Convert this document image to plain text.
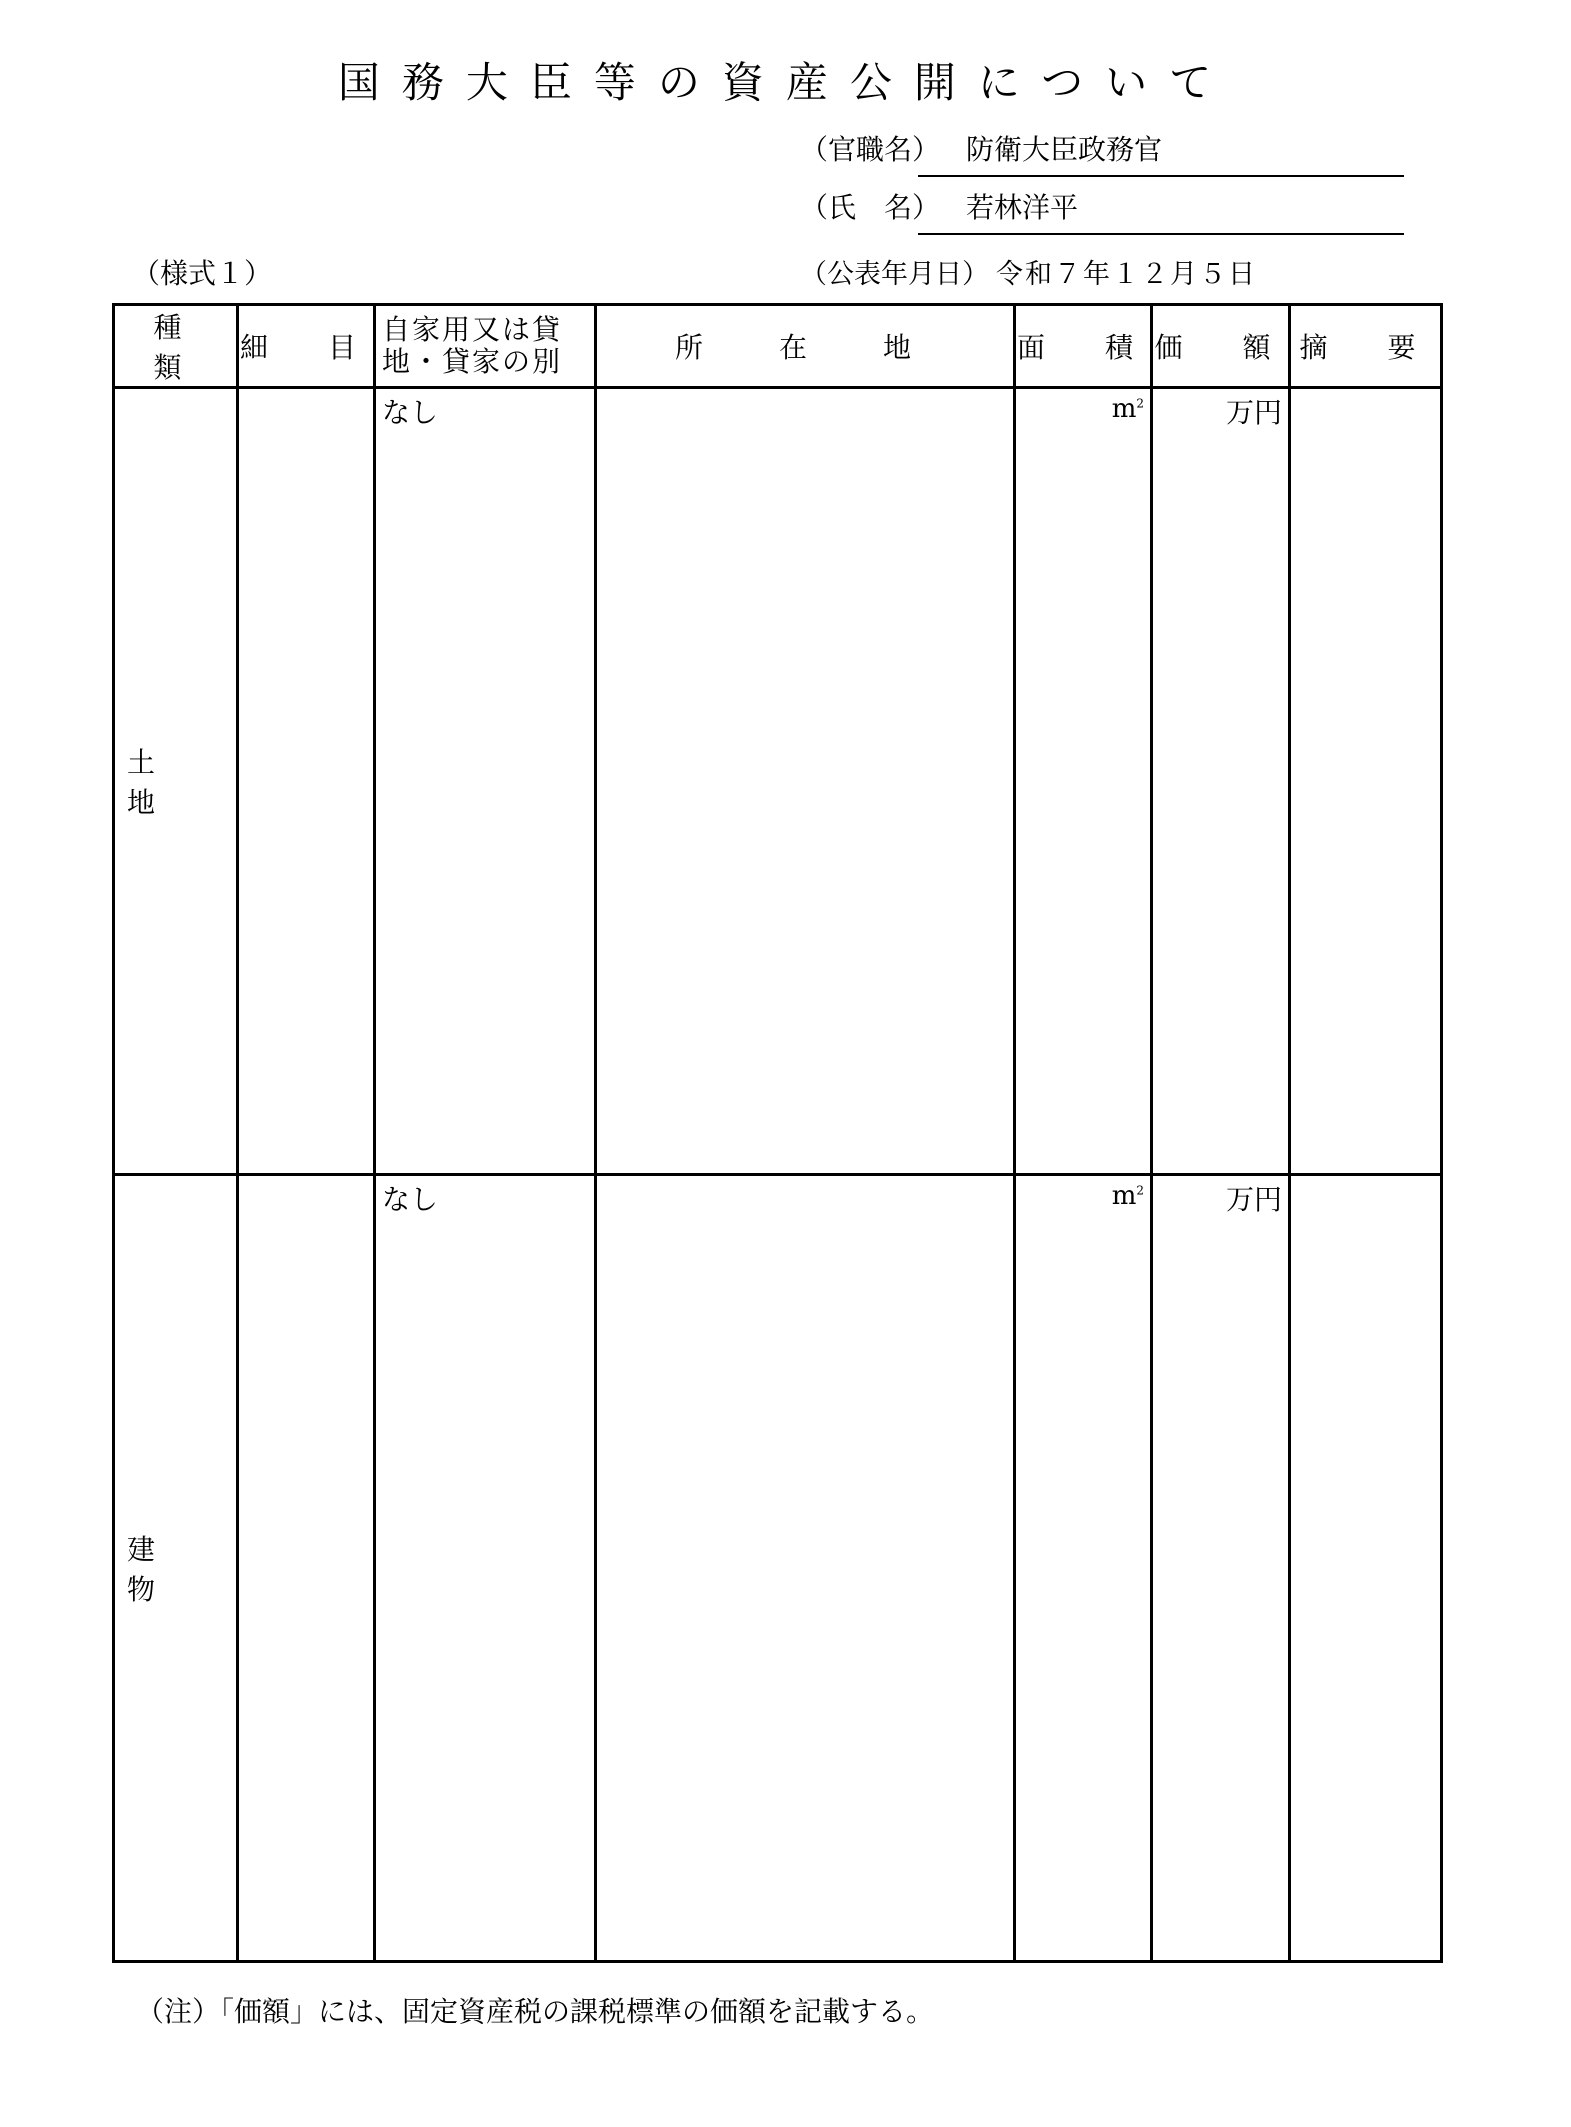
国務大臣等の資産公開について
（官職名） 防衛大臣政務官
（氏　名） 若林洋平
（様式１）	（公表年月日） 令和７年１２月５日
種　類	細　目	自家用又は貸地・貸家の別	所　在　地	面　積	価　額	摘　要
土　地		なし		$m^2$	万円	
建　物		なし		$m^2$	万円	
（注）「価額」には、固定資産税の課税標準の価額を記載する。
